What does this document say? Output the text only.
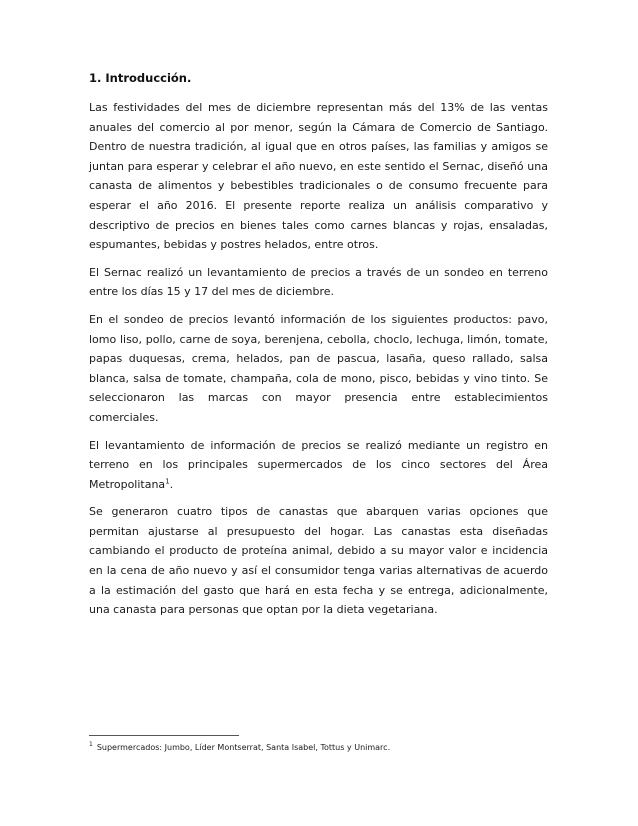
1. Introducción.

Las festividades del mes de diciembre representan más del 13% de las ventas anuales del comercio al por menor, según la Cámara de Comercio de Santiago. Dentro de nuestra tradición, al igual que en otros países, las familias y amigos se juntan para esperar y celebrar el año nuevo, en este sentido el Sernac, diseñó una canasta de alimentos y bebestibles tradicionales o de consumo frecuente para esperar el año 2016. El presente reporte realiza un análisis comparativo y descriptivo de precios en bienes tales como carnes blancas y rojas, ensaladas, espumantes, bebidas y postres helados, entre otros.

El Sernac realizó un levantamiento de precios a través de un sondeo en terreno entre los días 15 y 17 del mes de diciembre.

En el sondeo de precios levantó información de los siguientes productos: pavo, lomo liso, pollo, carne de soya, berenjena, cebolla, choclo, lechuga, limón, tomate, papas duquesas, crema, helados, pan de pascua, lasaña, queso rallado, salsa blanca, salsa de tomate, champaña, cola de mono, pisco, bebidas y vino tinto. Se seleccionaron las marcas con mayor presencia entre establecimientos comerciales.

El levantamiento de información de precios se realizó mediante un registro en terreno en los principales supermercados de los cinco sectores del Área Metropolitana$^1$.

Se generaron cuatro tipos de canastas que abarquen varias opciones que permitan ajustarse al presupuesto del hogar. Las canastas esta diseñadas cambiando el producto de proteína animal, debido a su mayor valor e incidencia en la cena de año nuevo y así el consumidor tenga varias alternativas de acuerdo a la estimación del gasto que hará en esta fecha y se entrega, adicionalmente, una canasta para personas que optan por la dieta vegetariana.

$^1$ Supermercados: Jumbo, Líder Montserrat, Santa Isabel, Tottus y Unimarc.
